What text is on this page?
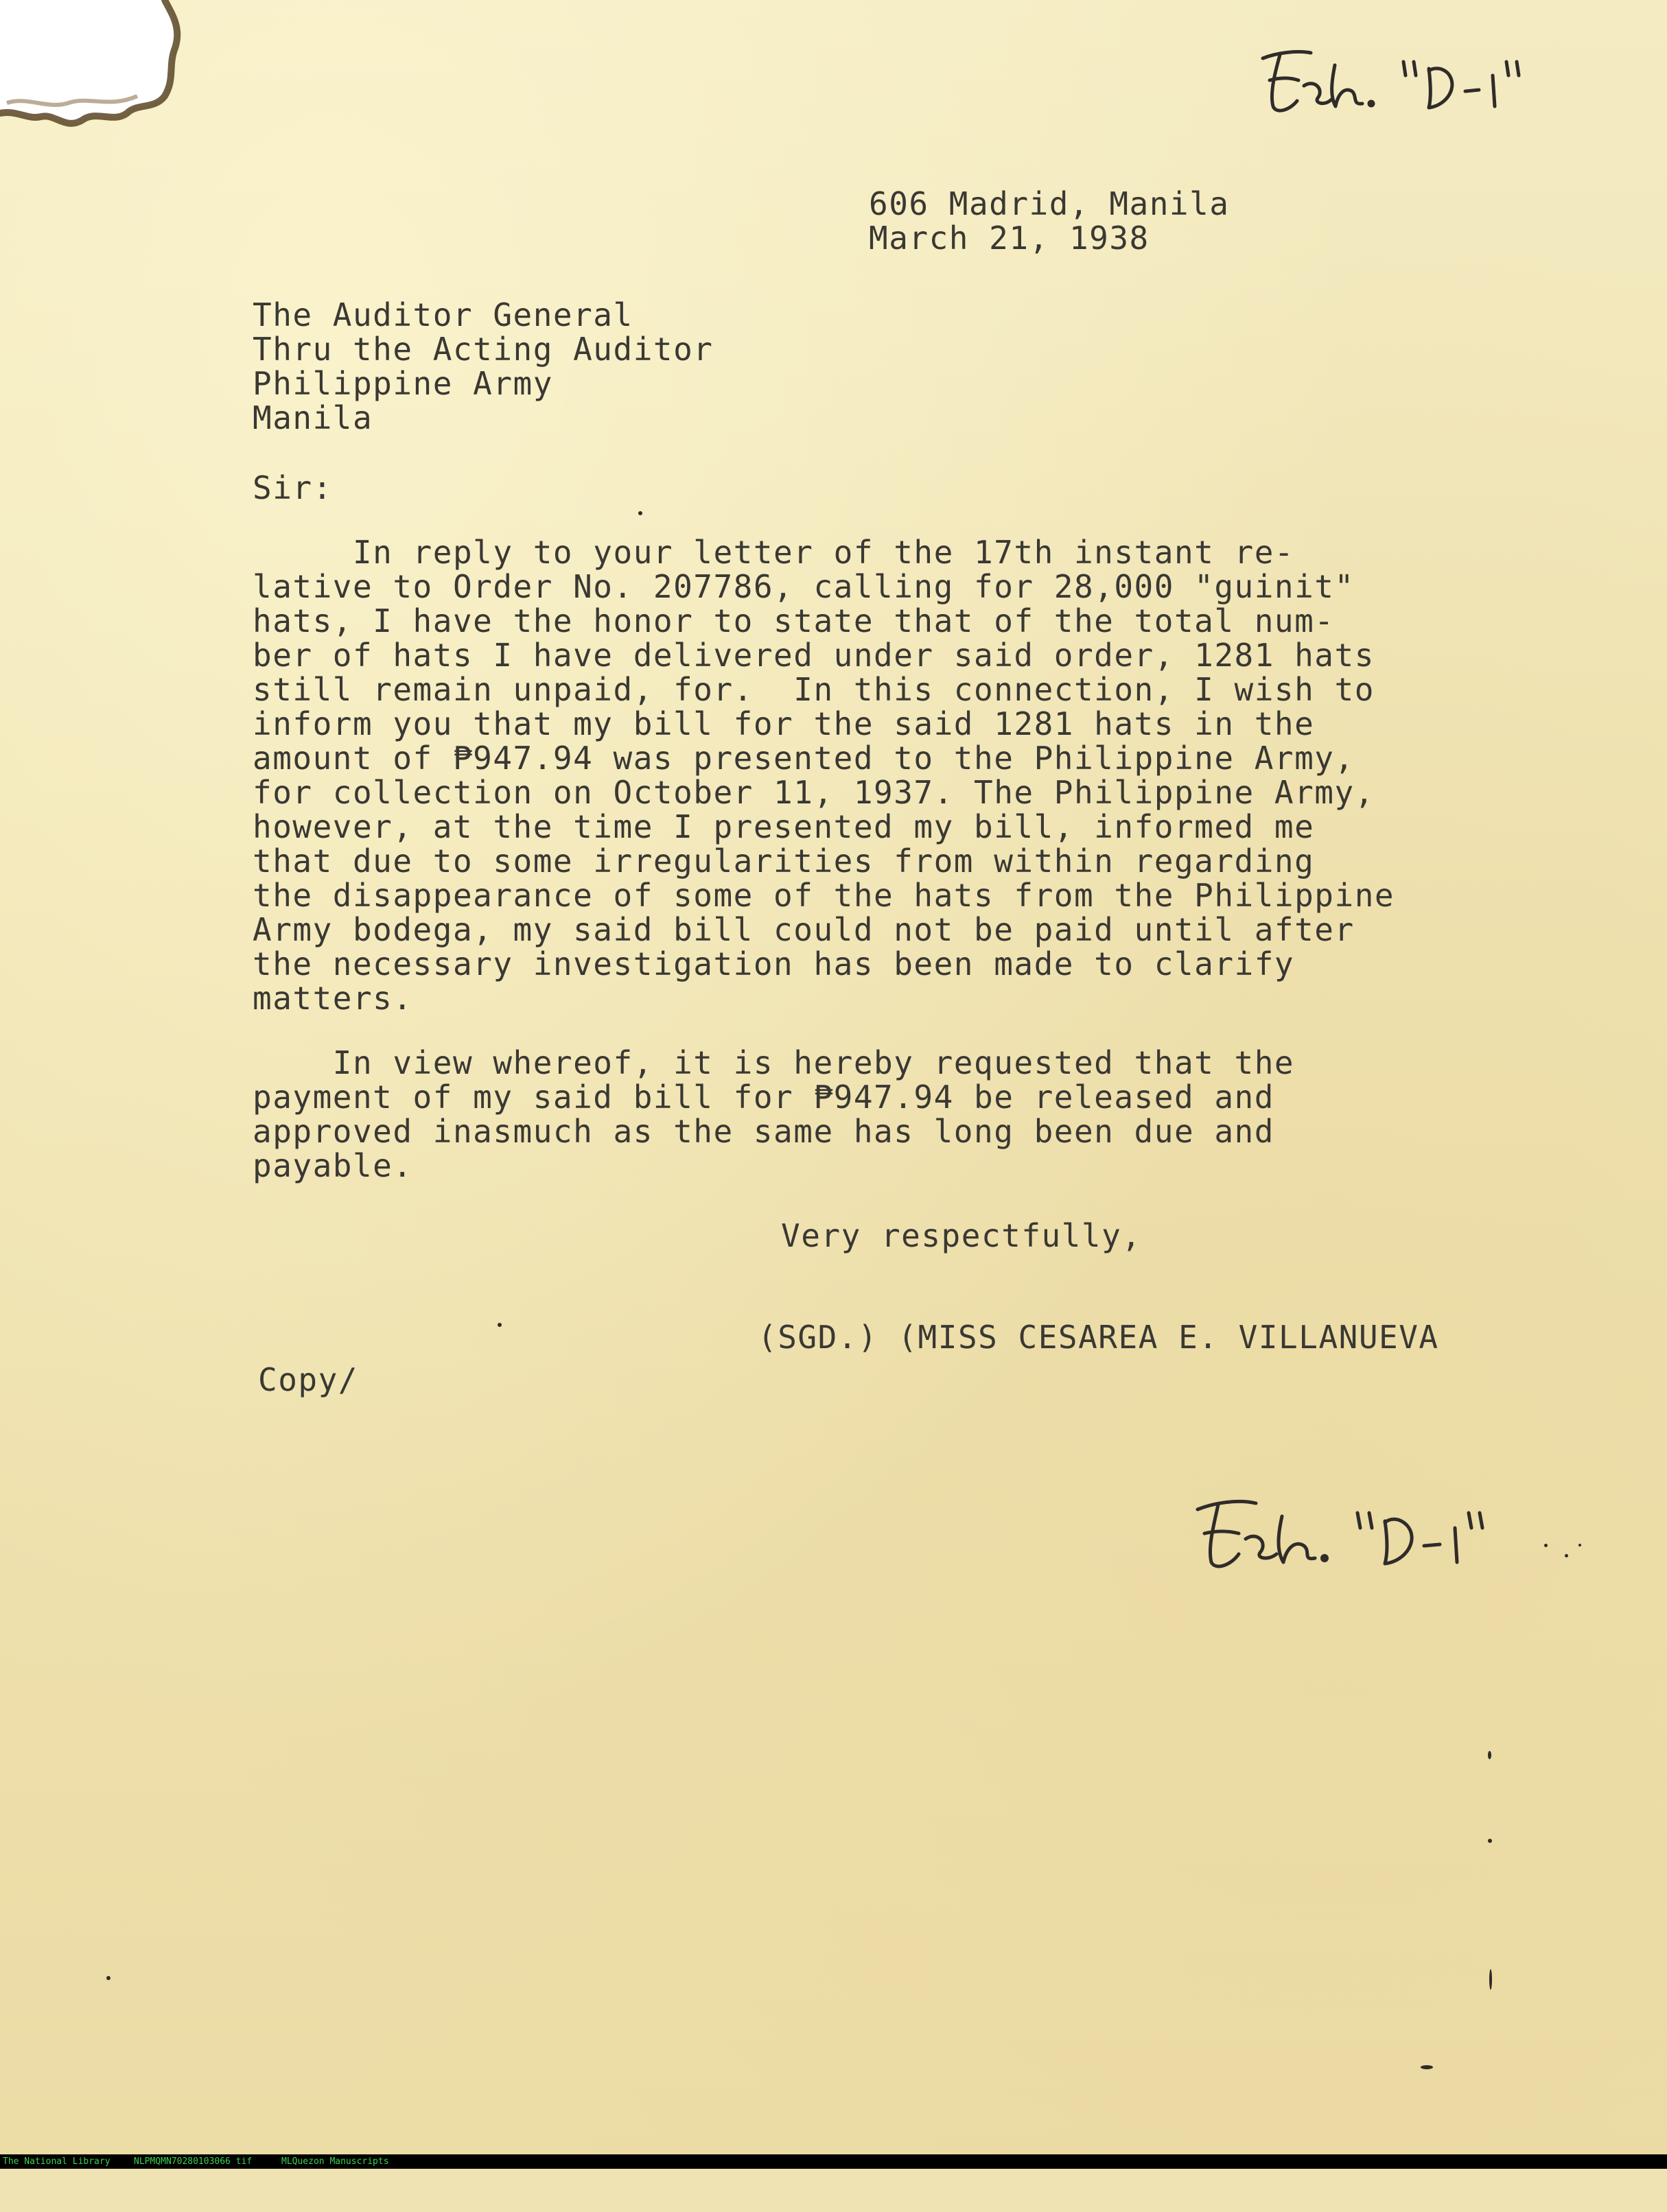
606 Madrid, Manila

March 21, 1938

The Auditor General

Thru the Acting Auditor

Philippine Army

Manila

Sir:

In reply to your letter of the 17th instant re-

lative to Order No. 207786, calling for 28,000 "guinit"

hats, I have the honor to state that of the total num-

ber of hats I have delivered under said order, 1281 hats

still remain unpaid, for.  In this connection, I wish to

inform you that my bill for the said 1281 hats in the

amount of ₱947.94 was presented to the Philippine Army,

for collection on October 11, 1937. The Philippine Army,

however, at the time I presented my bill, informed me

that due to some irregularities from within regarding

the disappearance of some of the hats from the Philippine

Army bodega, my said bill could not be paid until after

the necessary investigation has been made to clarify

matters.

In view whereof, it is hereby requested that the

payment of my said bill for ₱947.94 be released and

approved inasmuch as the same has long been due and

payable.

Very respectfully,
(SGD.) (MISS CESAREA E. VILLANUEVA
Copy/

The National Library

	NLPMQMN70280103066 tif

	MLQuezon Manuscripts
